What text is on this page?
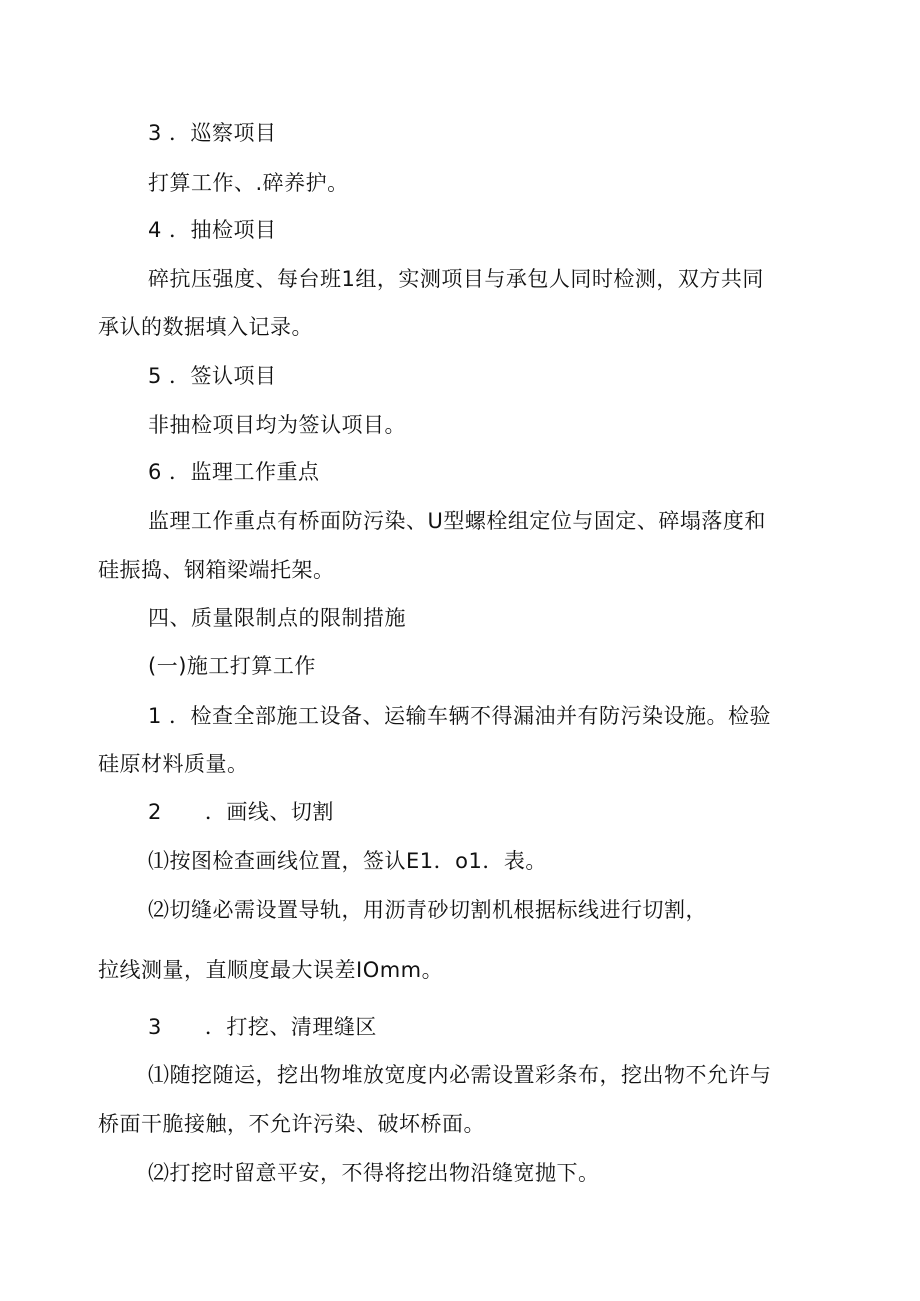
3 ．巡察项目
打算工作、.碎养护。
4 ．抽检项目
碎抗压强度、每台班1组，实测项目与承包人同时检测，双方共同
承认的数据填入记录。
5 ．签认项目
非抽检项目均为签认项目。
6 ．监理工作重点
监理工作重点有桥面防污染、U型螺栓组定位与固定、碎塌落度和
硅振捣、钢箱梁端托架。
四、质量限制点的限制措施
(一)施工打算工作
1 ．检查全部施工设备、运输车辆不得漏油并有防污染设施。检验
硅原材料质量。
2　　．画线、切割
⑴按图检查画线位置，签认E1．o1．表。
⑵切缝必需设置导轨，用沥青砂切割机根据标线进行切割，
拉线测量，直顺度最大误差IOmm。
3　　．打挖、清理缝区
⑴随挖随运，挖出物堆放宽度内必需设置彩条布，挖出物不允许与
桥面干脆接触，不允许污染、破坏桥面。
⑵打挖时留意平安，不得将挖出物沿缝宽抛下。
